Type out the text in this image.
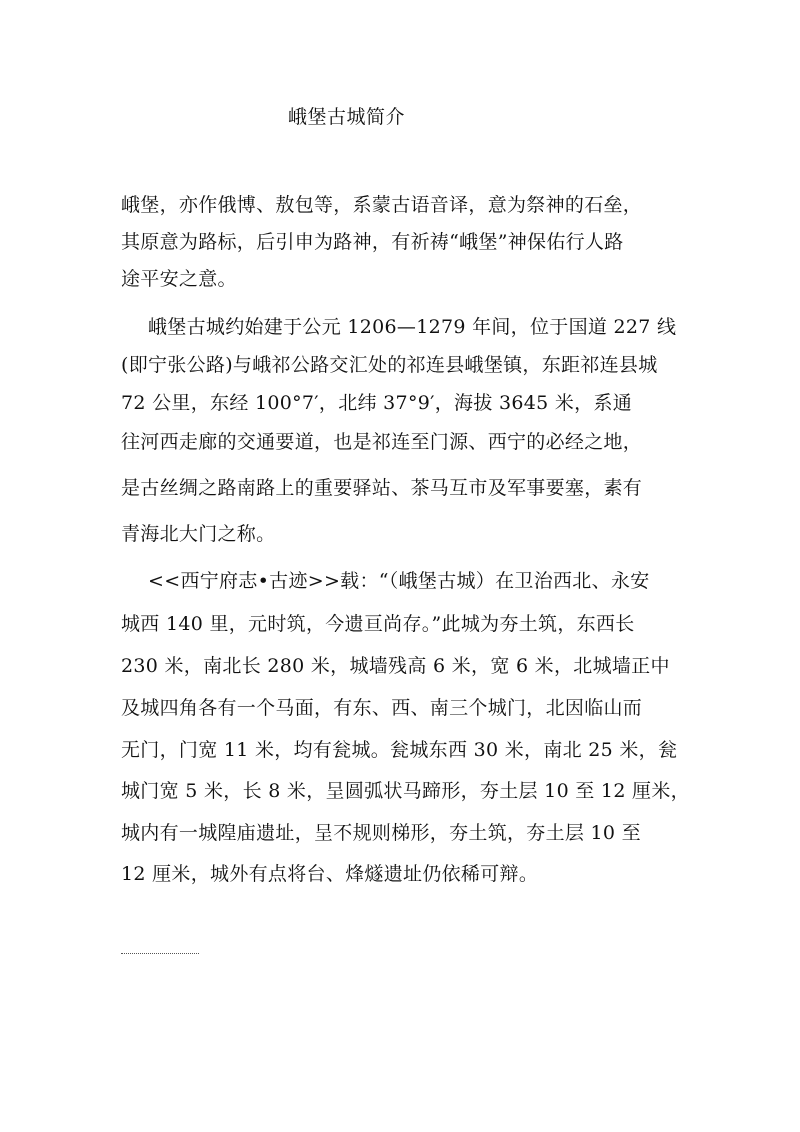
峨堡古城简介
峨堡，亦作俄博、敖包等，系蒙古语音译，意为祭神的石垒，
其原意为路标，后引申为路神，有祈祷“峨堡”神保佑行人路
途平安之意。
峨堡古城约始建于公元 1206—1279 年间，位于国道 227 线
(即宁张公路)与峨祁公路交汇处的祁连县峨堡镇，东距祁连县城
72 公里，东经 100°7′，北纬 37°9′，海拔 3645 米，系通
往河西走廊的交通要道，也是祁连至门源、西宁的必经之地，
是古丝绸之路南路上的重要驿站、茶马互市及军事要塞，素有
青海北大门之称。
<<西宁府志•古迹>>载：“（峨堡古城）在卫治西北、永安
城西 140 里，元时筑，今遗亘尚存。”此城为夯土筑，东西长
230 米，南北长 280 米，城墙残高 6 米，宽 6 米，北城墙正中
及城四角各有一个马面，有东、西、南三个城门，北因临山而
无门，门宽 11 米，均有瓮城。瓮城东西 30 米，南北 25 米，瓮
城门宽 5 米，长 8 米，呈圆弧状马蹄形，夯土层 10 至 12 厘米，
城内有一城隍庙遗址，呈不规则梯形，夯土筑，夯土层 10 至
12 厘米，城外有点将台、烽燧遗址仍依稀可辩。
